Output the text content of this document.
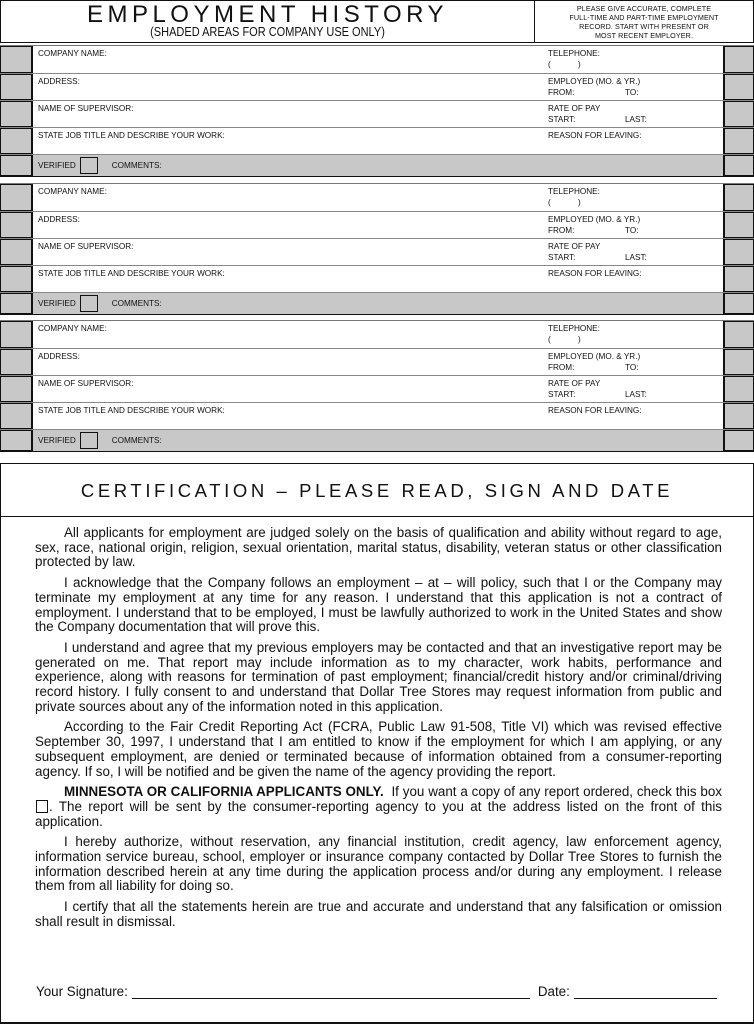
EMPLOYMENT HISTORY
(SHADED AREAS FOR COMPANY USE ONLY)
PLEASE GIVE ACCURATE, COMPLETE
FULL-TIME AND PART-TIME EMPLOYMENT
RECORD. START WITH PRESENT OR
MOST RECENT EMPLOYER.
COMPANY NAME:	TELEPHONE:
(            )
ADDRESS:	EMPLOYED (MO. & YR.)
FROM:	TO:
NAME OF SUPERVISOR:	RATE OF PAY
START:	LAST:
STATE JOB TITLE AND DESCRIBE YOUR WORK:	REASON FOR LEAVING:
VERIFIED	COMMENTS:
COMPANY NAME:	TELEPHONE:
(            )
ADDRESS:	EMPLOYED (MO. & YR.)
FROM:	TO:
NAME OF SUPERVISOR:	RATE OF PAY
START:	LAST:
STATE JOB TITLE AND DESCRIBE YOUR WORK:	REASON FOR LEAVING:
VERIFIED	COMMENTS:
COMPANY NAME:	TELEPHONE:
(            )
ADDRESS:	EMPLOYED (MO. & YR.)
FROM:	TO:
NAME OF SUPERVISOR:	RATE OF PAY
START:	LAST:
STATE JOB TITLE AND DESCRIBE YOUR WORK:	REASON FOR LEAVING:
VERIFIED	COMMENTS:
CERTIFICATION – PLEASE READ, SIGN AND DATE

All applicants for employment are judged solely on the basis of qualification and ability without regard to age, sex, race, national origin, religion, sexual orientation, marital status, disability, veteran status or other classification protected by law.

I acknowledge that the Company follows an employment – at – will policy, such that I or the Company may terminate my employment at any time for any reason. I understand that this application is not a contract of employment. I understand that to be employed, I must be lawfully authorized to work in the United States and show the Company documentation that will prove this.

I understand and agree that my previous employers may be contacted and that an investigative report may be generated on me. That report may include information as to my character, work habits, performance and experience, along with reasons for termination of past employment; financial/credit history and/or criminal/driving record history. I fully consent to and understand that Dollar Tree Stores may request information from public and private sources about any of the information noted in this application.

According to the Fair Credit Reporting Act (FCRA, Public Law 91-508, Title VI) which was revised effective September 30, 1997, I understand that I am entitled to know if the employment for which I am applying, or any subsequent employment, are denied or terminated because of information obtained from a consumer-reporting agency. If so, I will be notified and be given the name of the agency providing the report.

MINNESOTA OR CALIFORNIA APPLICANTS ONLY.  If you want a copy of any report ordered, check this box . The report will be sent by the consumer-reporting agency to you at the address listed on the front of this application.

I hereby authorize, without reservation, any financial institution, credit agency, law enforcement agency, information service bureau, school, employer or insurance company contacted by Dollar Tree Stores to furnish the information described herein at any time during the application process and/or during any employment. I release them from all liability for doing so.

I certify that all the statements herein are true and accurate and understand that any falsification or omission shall result in dismissal.

Your Signature:	Date:
